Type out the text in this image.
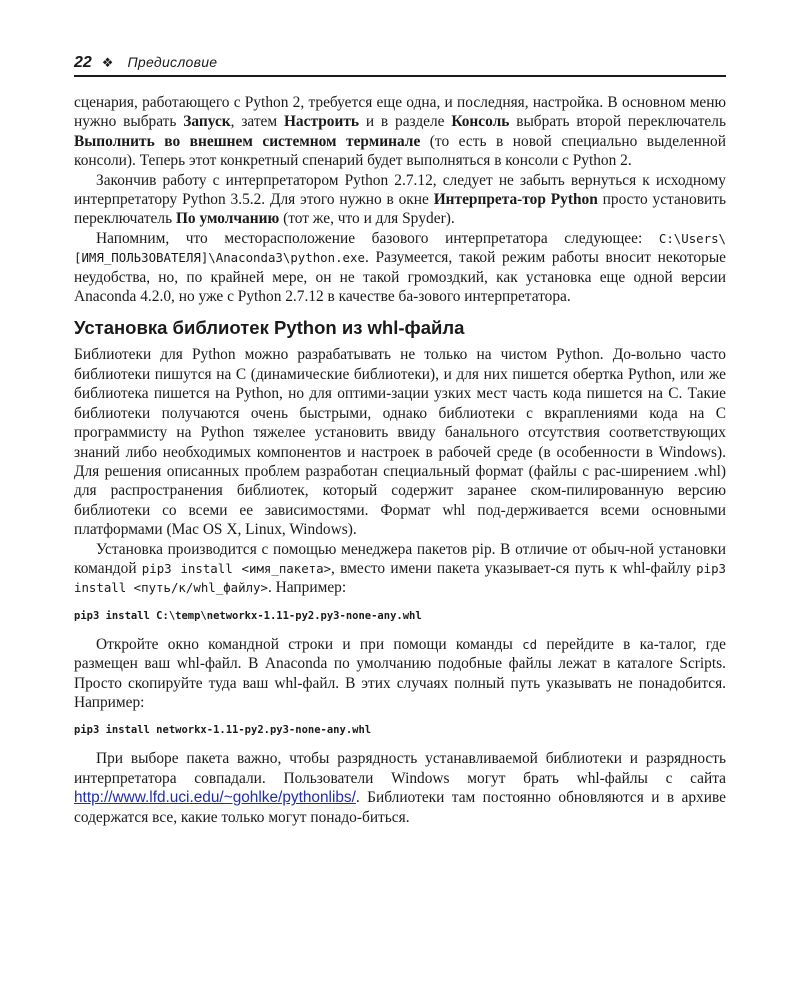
22 ❖ Предисловие

сценария, работающего с Python 2, требуется еще одна, и последняя, настройка. В основном меню нужно выбрать Запуск, затем Настроить и в разделе Консоль выбрать второй переключатель Выполнить во внешнем системном терминале (то есть в новой специально выделенной консоли). Теперь этот конкретный спенарий будет выполняться в консоли с Python 2.

Закончив работу с интерпретатором Python 2.7.12, следует не забыть вернуться к исходному интерпретатору Python 3.5.2. Для этого нужно в окне Интерпрета-тор Python просто установить переключатель По умолчанию (тот же, что и для Spyder).

Напомним, что месторасположение базового интерпретатора следующее: C:\Users\[ИМЯ_ПОЛЬЗОВАТЕЛЯ]\Anaconda3\python.exe. Разумеется, такой режим работы вносит некоторые неудобства, но, по крайней мере, он не такой громоздкий, как установка еще одной версии Anaconda 4.2.0, но уже с Python 2.7.12 в качестве ба-зового интерпретатора.

Установка библиотек Python из whl-файла

Библиотеки для Python можно разрабатывать не только на чистом Python. До-вольно часто библиотеки пишутся на С (динамические библиотеки), и для них пишется обертка Python, или же библиотека пишется на Python, но для оптими-зации узких мест часть кода пишется на С. Такие библиотеки получаются очень быстрыми, однако библиотеки с вкраплениями кода на С программисту на Python тяжелее установить ввиду банального отсутствия соответствующих знаний либо необходимых компонентов и настроек в рабочей среде (в особенности в Windows). Для решения описанных проблем разработан специальный формат (файлы с рас-ширением .whl) для распространения библиотек, который содержит заранее ском-пилированную версию библиотеки со всеми ее зависимостями. Формат whl под-держивается всеми основными платформами (Mac OS X, Linux, Windows).

Установка производится с помощью менеджера пакетов pip. В отличие от обыч-ной установки командой pip3 install <имя_пакета>, вместо имени пакета указывает-ся путь к whl-файлу pip3 install <путь/к/whl_файлу>. Например:

pip3 install C:\temp\networkx-1.11-py2.py3-none-any.whl

Откройте окно командной строки и при помощи команды cd перейдите в ка-талог, где размещен ваш whl-файл. В Anaconda по умолчанию подобные файлы лежат в каталоге Scripts. Просто скопируйте туда ваш whl-файл. В этих случаях полный путь указывать не понадобится. Например:

pip3 install networkx-1.11-py2.py3-none-any.whl

При выборе пакета важно, чтобы разрядность устанавливаемой библиотеки и разрядность интерпретатора совпадали. Пользователи Windows могут брать whl-файлы с сайта http://www.lfd.uci.edu/~gohlke/pythonlibs/. Библиотеки там постоянно обновляются и в архиве содержатся все, какие только могут понадо-биться.
